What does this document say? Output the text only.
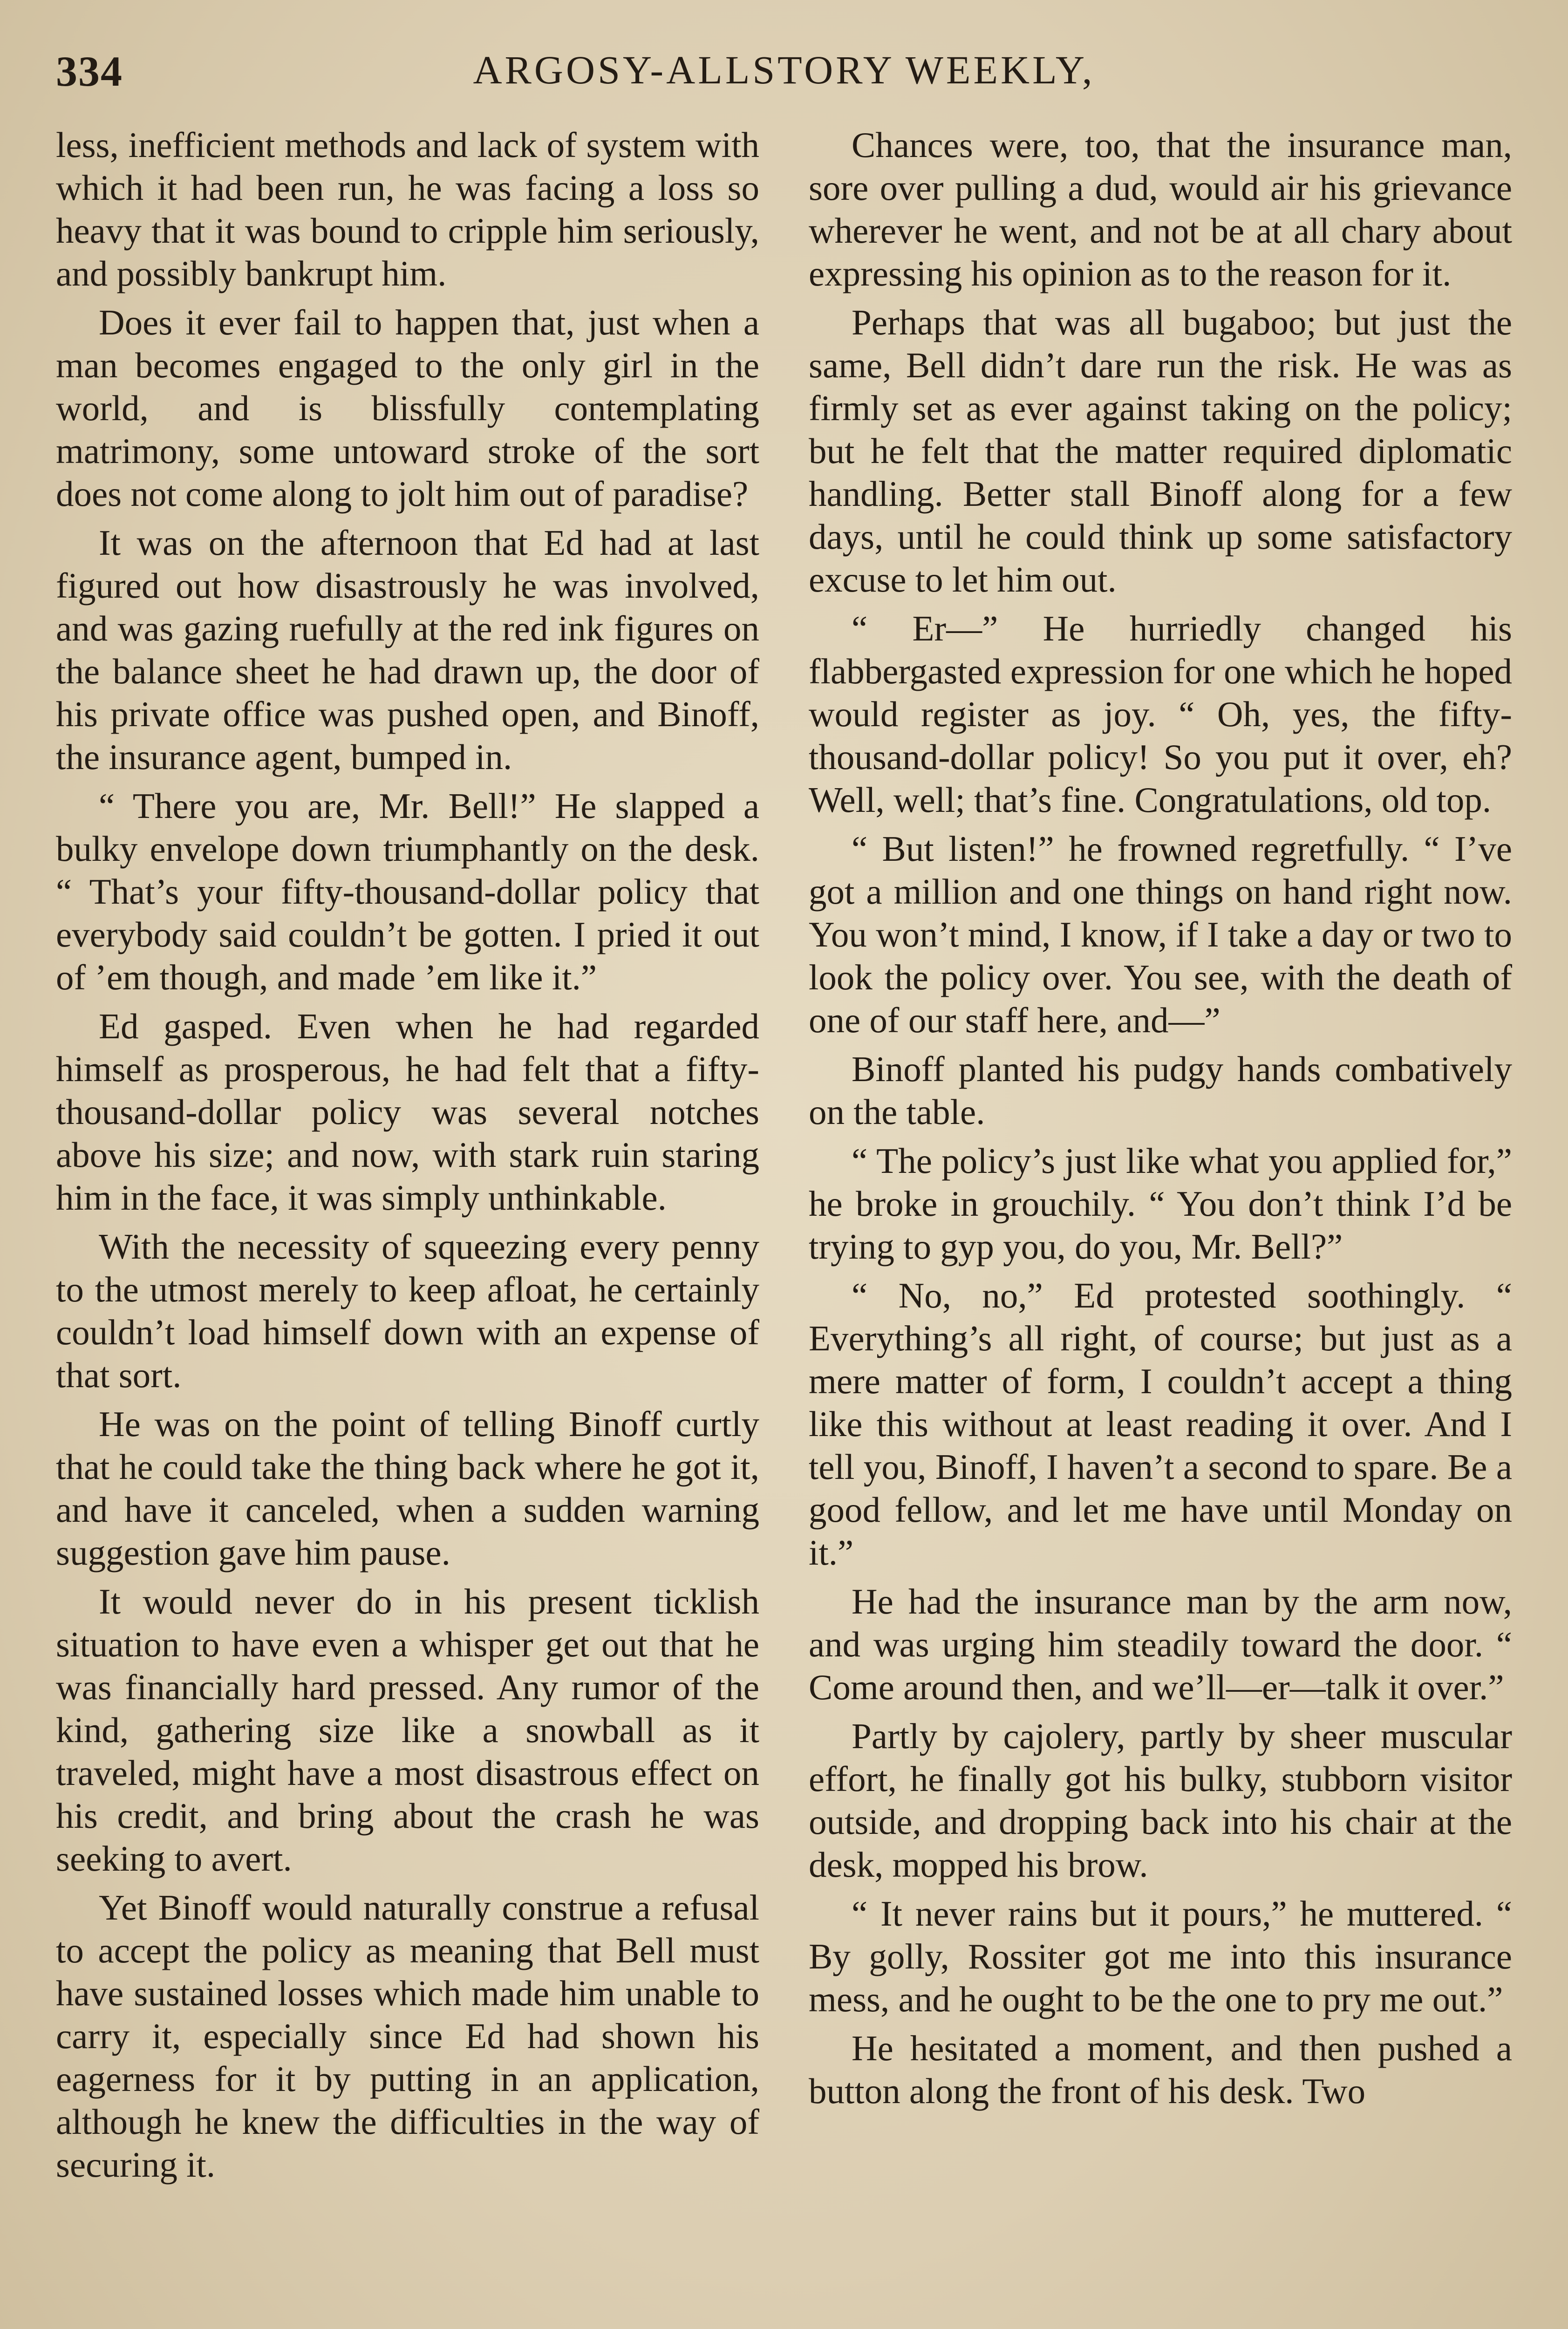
334	ARGOSY-ALLSTORY WEEKLY,

less, inefficient methods and lack of system with which it had been run, he was facing a loss so heavy that it was bound to cripple him seriously, and possibly bankrupt him.

Does it ever fail to happen that, just when a man becomes engaged to the only girl in the world, and is blissfully contemplating matrimony, some untoward stroke of the sort does not come along to jolt him out of paradise?

It was on the afternoon that Ed had at last figured out how disastrously he was involved, and was gazing ruefully at the red ink figures on the balance sheet he had drawn up, the door of his private office was pushed open, and Binoff, the insurance agent, bumped in.

“ There you are, Mr. Bell!” He slapped a bulky envelope down triumphantly on the desk. “ That’s your fifty-thousand-dollar policy that everybody said couldn’t be gotten. I pried it out of ’em though, and made ’em like it.”

Ed gasped. Even when he had regarded himself as prosperous, he had felt that a fifty-thousand-dollar policy was several notches above his size; and now, with stark ruin staring him in the face, it was simply unthinkable.

With the necessity of squeezing every penny to the utmost merely to keep afloat, he certainly couldn’t load himself down with an expense of that sort.

He was on the point of telling Binoff curtly that he could take the thing back where he got it, and have it canceled, when a sudden warning suggestion gave him pause.

It would never do in his present ticklish situation to have even a whisper get out that he was financially hard pressed. Any rumor of the kind, gathering size like a snowball as it traveled, might have a most disastrous effect on his credit, and bring about the crash he was seeking to avert.

Yet Binoff would naturally construe a refusal to accept the policy as meaning that Bell must have sustained losses which made him unable to carry it, especially since Ed had shown his eagerness for it by putting in an application, although he knew the difficulties in the way of securing it.

Chances were, too, that the insurance man, sore over pulling a dud, would air his grievance wherever he went, and not be at all chary about expressing his opinion as to the reason for it.

Perhaps that was all bugaboo; but just the same, Bell didn’t dare run the risk. He was as firmly set as ever against taking on the policy; but he felt that the matter required diplomatic handling. Better stall Binoff along for a few days, until he could think up some satisfactory excuse to let him out.

“ Er—” He hurriedly changed his flabbergasted expression for one which he hoped would register as joy. “ Oh, yes, the fifty-thousand-dollar policy! So you put it over, eh? Well, well; that’s fine. Congratulations, old top.

“ But listen!” he frowned regretfully. “ I’ve got a million and one things on hand right now. You won’t mind, I know, if I take a day or two to look the policy over. You see, with the death of one of our staff here, and—”

Binoff planted his pudgy hands combatively on the table.

“ The policy’s just like what you applied for,” he broke in grouchily. “ You don’t think I’d be trying to gyp you, do you, Mr. Bell?”

“ No, no,” Ed protested soothingly. “ Everything’s all right, of course; but just as a mere matter of form, I couldn’t accept a thing like this without at least reading it over. And I tell you, Binoff, I haven’t a second to spare. Be a good fellow, and let me have until Monday on it.”

He had the insurance man by the arm now, and was urging him steadily toward the door. “ Come around then, and we’ll—er—talk it over.”

Partly by cajolery, partly by sheer muscular effort, he finally got his bulky, stubborn visitor outside, and dropping back into his chair at the desk, mopped his brow.

“ It never rains but it pours,” he muttered. “ By golly, Rossiter got me into this insurance mess, and he ought to be the one to pry me out.”

He hesitated a moment, and then pushed a button along the front of his desk. Two
